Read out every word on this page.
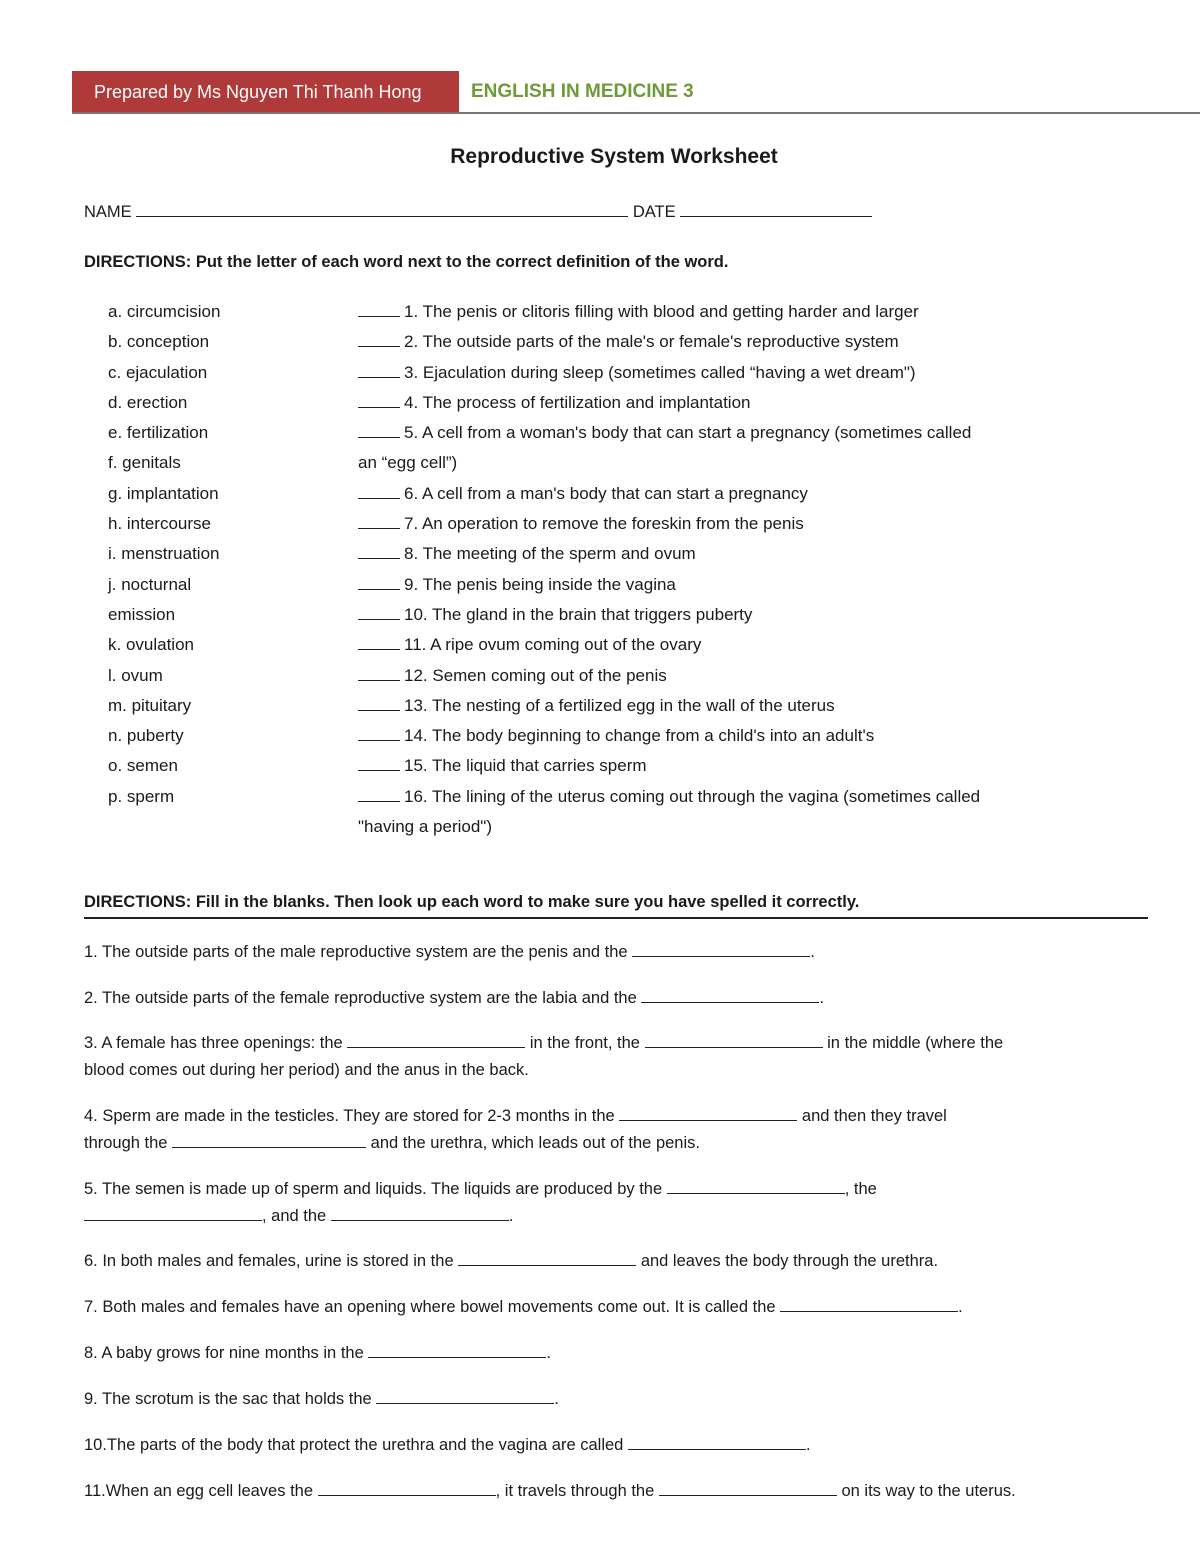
Prepared by Ms Nguyen Thi Thanh Hong	ENGLISH IN MEDICINE 3
Reproductive System Worksheet
NAME	DATE
DIRECTIONS: Put the letter of each word next to the correct definition of the word.
a. circumcision
b. conception
c. ejaculation
d. erection
e. fertilization
f. genitals
g. implantation
h. intercourse
i. menstruation
j. nocturnal
emission
k. ovulation
l. ovum
m. pituitary
n. puberty
o. semen
p. sperm
1. The penis or clitoris filling with blood and getting harder and larger
2. The outside parts of the male's or female's reproductive system
3. Ejaculation during sleep (sometimes called “having a wet dream")
4. The process of fertilization and implantation
5. A cell from a woman's body that can start a pregnancy (sometimes called
an “egg cell”)
6. A cell from a man's body that can start a pregnancy
7. An operation to remove the foreskin from the penis
8. The meeting of the sperm and ovum
9. The penis being inside the vagina
10. The gland in the brain that triggers puberty
11. A ripe ovum coming out of the ovary
12. Semen coming out of the penis
13. The nesting of a fertilized egg in the wall of the uterus
14. The body beginning to change from a child's into an adult's
15. The liquid that carries sperm
16. The lining of the uterus coming out through the vagina (sometimes called
"having a period")
DIRECTIONS: Fill in the blanks. Then look up each word to make sure you have spelled it correctly.
1. The outside parts of the male reproductive system are the penis and the	.
2. The outside parts of the female reproductive system are the labia and the	.
3. A female has three openings: the	in the front, the	in the middle (where the
blood comes out during her period) and the anus in the back.
4. Sperm are made in the testicles. They are stored for 2-3 months in the	and then they travel
through the	and the urethra, which leads out of the penis.
5. The semen is made up of sperm and liquids. The liquids are produced by the	, the
, and the	.
6. In both males and females, urine is stored in the	and leaves the body through the urethra.
7. Both males and females have an opening where bowel movements come out. It is called the	.
8. A baby grows for nine months in the	.
9. The scrotum is the sac that holds the	.
10.The parts of the body that protect the urethra and the vagina are called	.
11.When an egg cell leaves the	, it travels through the	on its way to the uterus.
